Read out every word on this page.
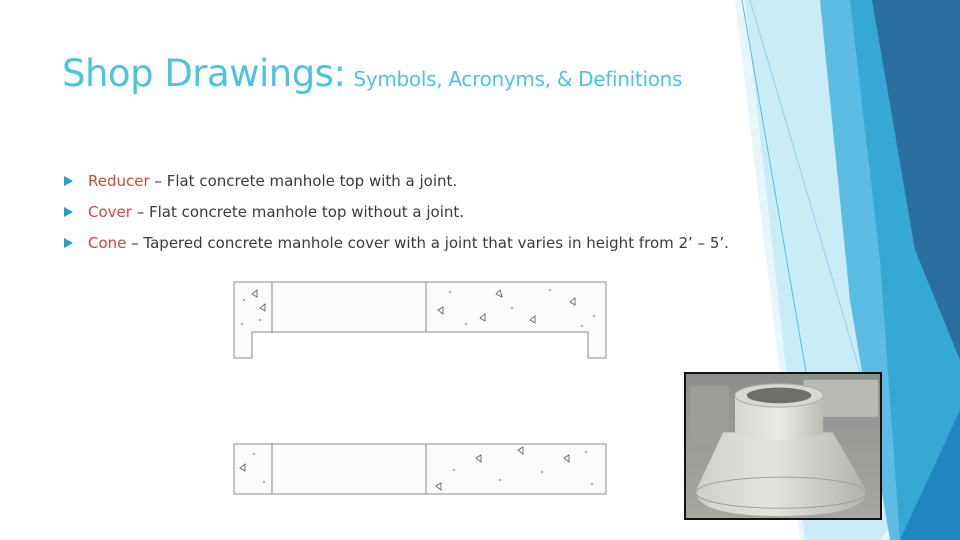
Shop Drawings: Symbols, Acronyms, & Definitions
Reducer – Flat concrete manhole top with a joint.
Cover – Flat concrete manhole top without a joint.
Cone – Tapered concrete manhole cover with a joint that varies in height from 2’ – 5’.
